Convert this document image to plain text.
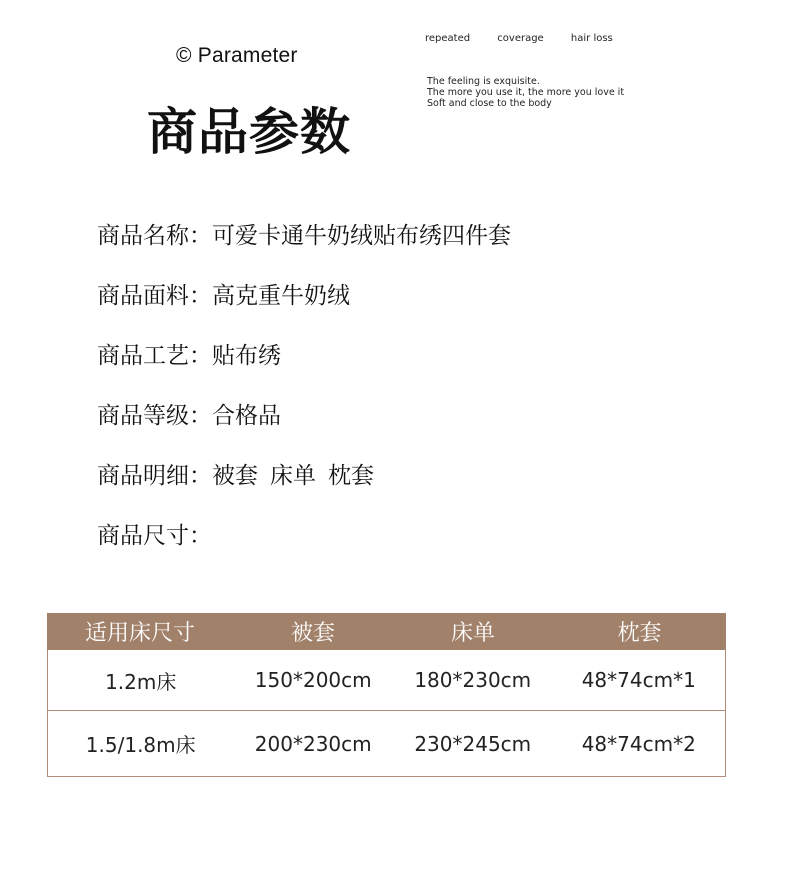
© Parameter
商品参数
repeated	coverage	hair loss
The feeling is exquisite.
The more you use it, the more you love it
Soft and close to the body
商品名称：可爱卡通牛奶绒贴布绣四件套
商品面料：高克重牛奶绒
商品工艺：贴布绣
商品等级：合格品
商品明细：被套 床单 枕套
商品尺寸：
适用床尺寸	被套	床单	枕套
1.2m床	150*200cm	180*230cm	48*74cm*1
1.5/1.8m床	200*230cm	230*245cm	48*74cm*2
